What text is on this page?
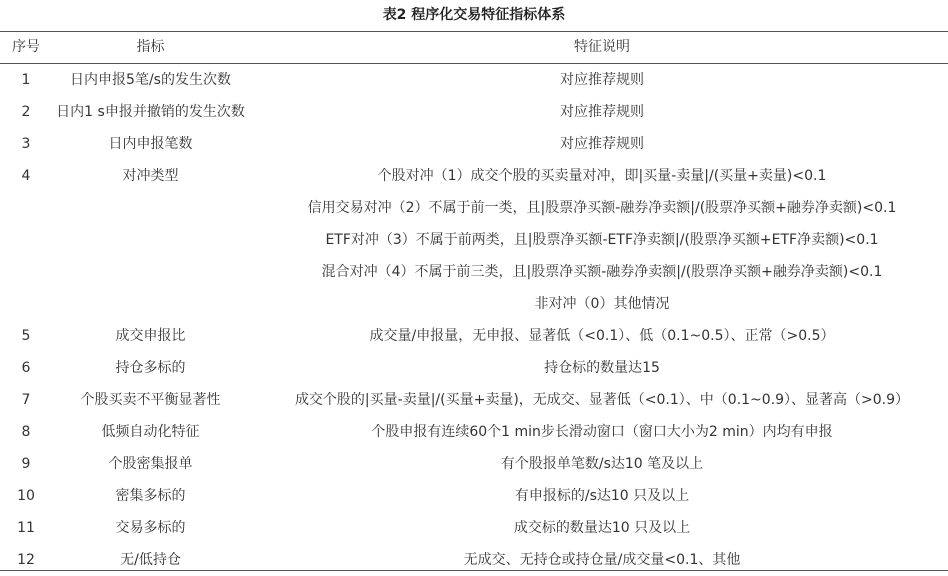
表2 程序化交易特征指标体系
序号	指标	特征说明
1	日内申报5笔/s的发生次数	对应推荐规则
2	日内1 s申报并撤销的发生次数	对应推荐规则
3	日内申报笔数	对应推荐规则
4	对冲类型	个股对冲（1）成交个股的买卖量对冲，即|买量-卖量|/(买量+卖量)<0.1
信用交易对冲（2）不属于前一类，且|股票净买额-融券净卖额|/(股票净买额+融券净卖额)<0.1
ETF对冲（3）不属于前两类，且|股票净买额-ETF净卖额|/(股票净买额+ETF净卖额)<0.1
混合对冲（4）不属于前三类，且|股票净买额-融券净卖额|/(股票净买额+融券净卖额)<0.1
非对冲（0）其他情况
5	成交申报比	成交量/申报量，无申报、显著低（<0.1）、低（0.1~0.5）、正常（>0.5）
6	持仓多标的	持仓标的数量达15
7	个股买卖不平衡显著性	成交个股的|买量-卖量|/(买量+卖量)，无成交、显著低（<0.1）、中（0.1~0.9）、显著高（>0.9）
8	低频自动化特征	个股申报有连续60个1 min步长滑动窗口（窗口大小为2 min）内均有申报
9	个股密集报单	有个股报单笔数/s达10 笔及以上
10	密集多标的	有申报标的/s达10 只及以上
11	交易多标的	成交标的数量达10 只及以上
12	无/低持仓	无成交、无持仓或持仓量/成交量<0.1、其他
